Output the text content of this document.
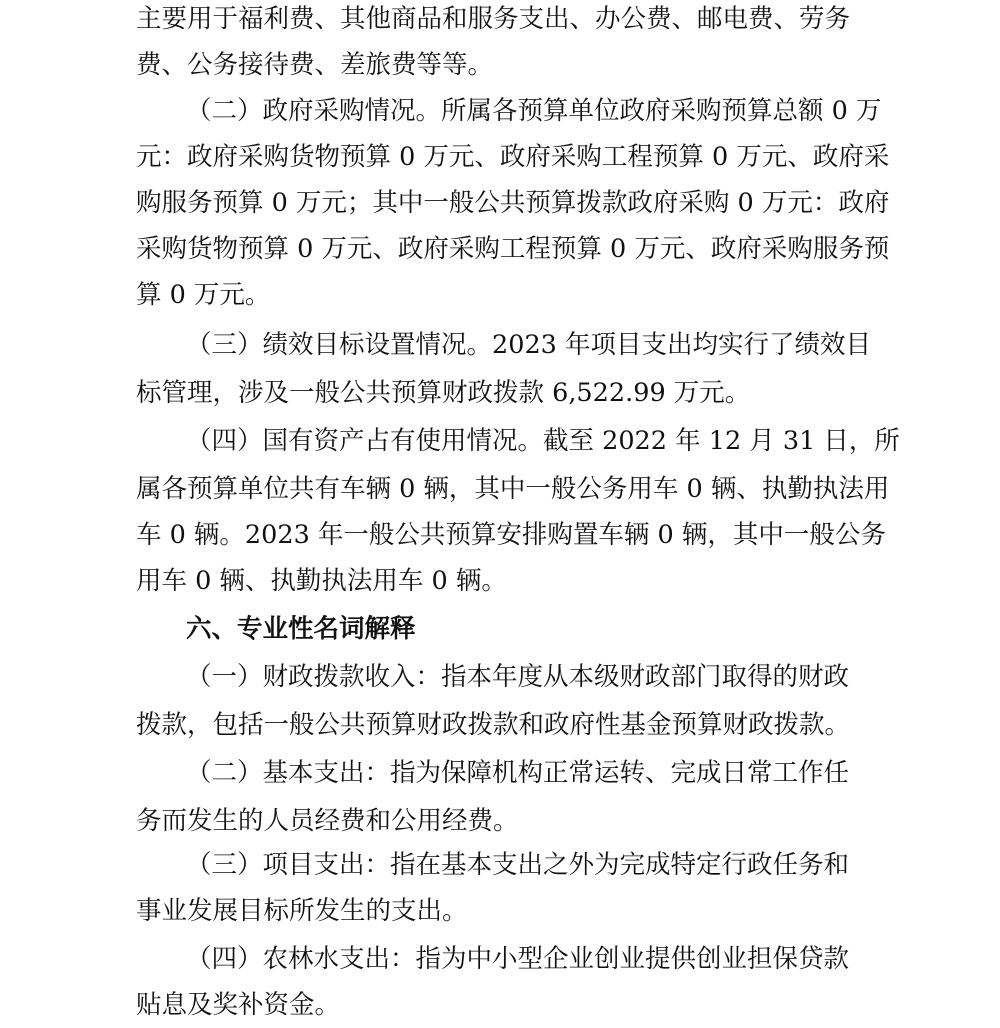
主要用于福利费、其他商品和服务支出、办公费、邮电费、劳务
费、公务接待费、差旅费等等。
（二）政府采购情况。所属各预算单位政府采购预算总额 0 万
元：政府采购货物预算 0 万元、政府采购工程预算 0 万元、政府采
购服务预算 0 万元；其中一般公共预算拨款政府采购 0 万元：政府
采购货物预算 0 万元、政府采购工程预算 0 万元、政府采购服务预
算 0 万元。
（三）绩效目标设置情况。2023 年项目支出均实行了绩效目
标管理，涉及一般公共预算财政拨款 6,522.99 万元。
（四）国有资产占有使用情况。截至 2022 年 12 月 31 日，所
属各预算单位共有车辆 0 辆，其中一般公务用车 0 辆、执勤执法用
车 0 辆。2023 年一般公共预算安排购置车辆 0 辆，其中一般公务
用车 0 辆、执勤执法用车 0 辆。
六、专业性名词解释
（一）财政拨款收入：指本年度从本级财政部门取得的财政
拨款，包括一般公共预算财政拨款和政府性基金预算财政拨款。
（二）基本支出：指为保障机构正常运转、完成日常工作任
务而发生的人员经费和公用经费。
（三）项目支出：指在基本支出之外为完成特定行政任务和
事业发展目标所发生的支出。
（四）农林水支出：指为中小型企业创业提供创业担保贷款
贴息及奖补资金。
